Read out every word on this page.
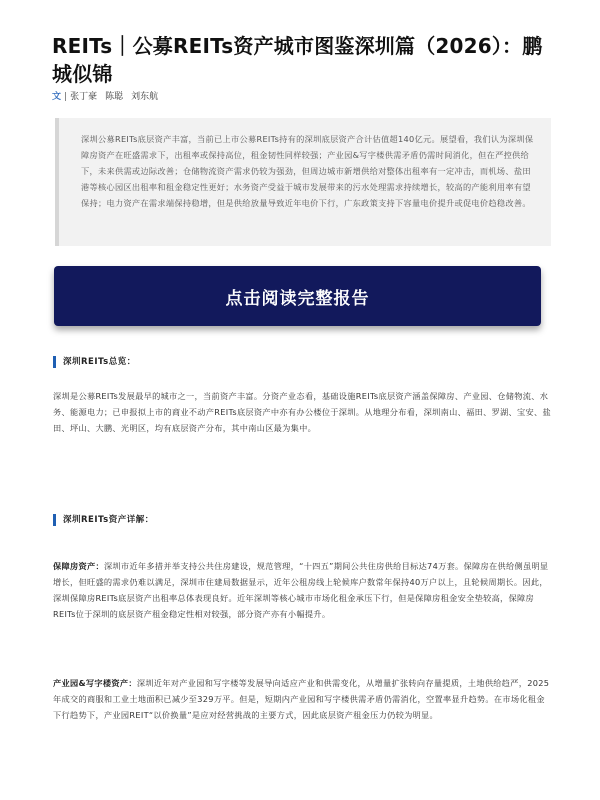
REITs｜公募REITs资产城市图鉴深圳篇（2026）：鹏城似锦
文 | 张丁豪 陈聪 刘东航
深圳公募REITs底层资产丰富，当前已上市公募REITs持有的深圳底层资产合计估值超140亿元。展望看，我们认为深圳保障房资产在旺盛需求下，出租率或保持高位，租金韧性同样较强；产业园&写字楼供需矛盾仍需时间消化，但在严控供给下，未来供需或边际改善；仓储物流资产需求仍较为强劲，但周边城市新增供给对整体出租率有一定冲击，而机场、盐田港等核心园区出租率和租金稳定性更好；水务资产受益于城市发展带来的污水处理需求持续增长，较高的产能利用率有望保持；电力资产在需求端保持稳增，但是供给放量导致近年电价下行，广东政策支持下容量电价提升或促电价趋稳改善。
点击阅读完整报告
深圳REITs总览：

深圳是公募REITs发展最早的城市之一，当前资产丰富。分资产业态看，基础设施REITs底层资产涵盖保障房、产业园、仓储物流、水务、能源电力；已申报拟上市的商业不动产REITs底层资产中亦有办公楼位于深圳。从地理分布看，深圳南山、福田、罗湖、宝安、盐田、坪山、大鹏、光明区，均有底层资产分布，其中南山区最为集中。

深圳REITs资产详解：

保障房资产：深圳市近年多措并举支持公共住房建设，规范管理，“十四五”期间公共住房供给目标达74万套。保障房在供给侧虽明显增长，但旺盛的需求仍难以满足，深圳市住建局数据显示，近年公租房线上轮候库户数常年保持40万户以上，且轮候周期长。因此，深圳保障房REITs底层资产出租率总体表现良好。近年深圳等核心城市市场化租金承压下行，但是保障房租金安全垫较高，保障房REITs位于深圳的底层资产租金稳定性相对较强，部分资产亦有小幅提升。

产业园&写字楼资产：深圳近年对产业园和写字楼等发展导向适应产业和供需变化，从增量扩张转向存量提质，土地供给趋严，2025年成交的商服和工业土地面积已减少至329万平。但是，短期内产业园和写字楼供需矛盾仍需消化，空置率显升趋势。在市场化租金下行趋势下，产业园REIT“以价换量”是应对经营挑战的主要方式，因此底层资产租金压力仍较为明显。
